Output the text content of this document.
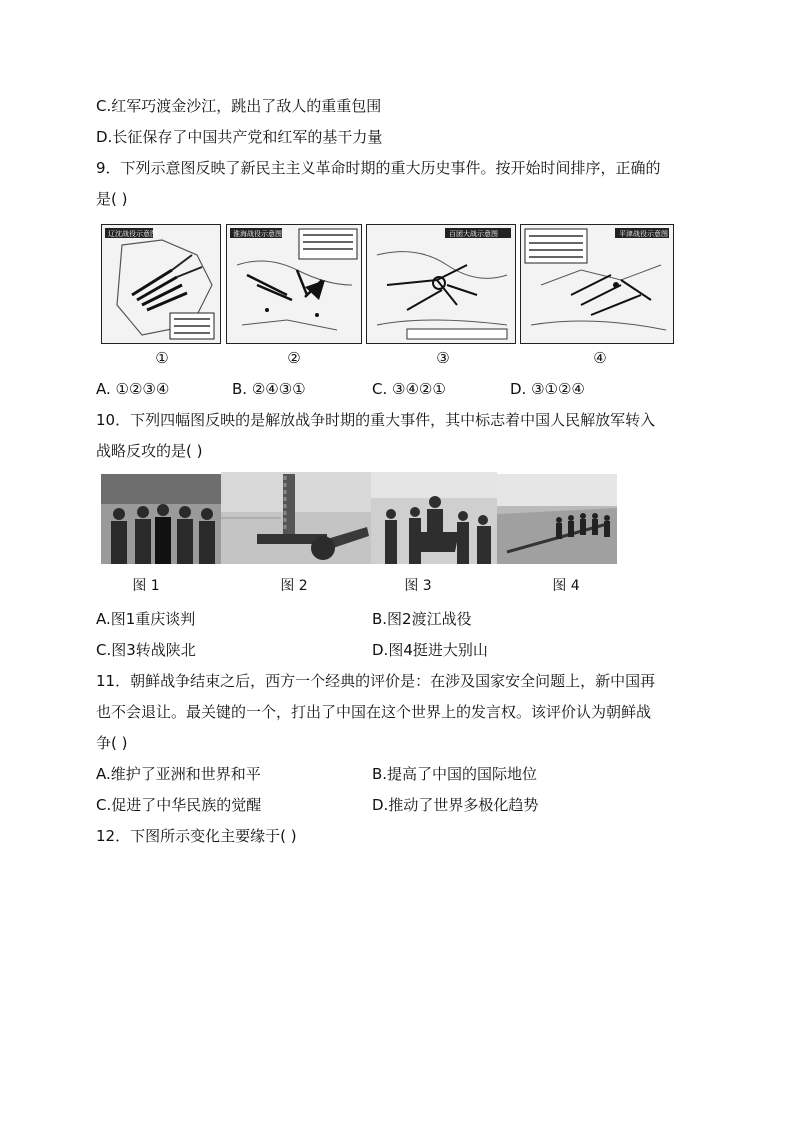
C.红军巧渡金沙江，跳出了敌人的重重包围
D.长征保存了中国共产党和红军的基干力量
9．下列示意图反映了新民主主义革命时期的重大历史事件。按开始时间排序，正确的
是( )
辽沈战役示意图	淮海战役示意图	百团大战示意图	平津战役示意图
①	②	③	④
A. ①②③④	B. ②④③①	C. ③④②①	D. ③①②④
10．下列四幅图反映的是解放战争时期的重大事件，其中标志着中国人民解放军转入
战略反攻的是( )
图 1	图 2	图 3	图 4
A.图1重庆谈判	B.图2渡江战役
C.图3转战陕北	D.图4挺进大别山
11．朝鲜战争结束之后，西方一个经典的评价是：在涉及国家安全问题上，新中国再
也不会退让。最关键的一个，打出了中国在这个世界上的发言权。该评价认为朝鲜战
争( )
A.维护了亚洲和世界和平	B.提高了中国的国际地位
C.促进了中华民族的觉醒	D.推动了世界多极化趋势
12．下图所示变化主要缘于( )
